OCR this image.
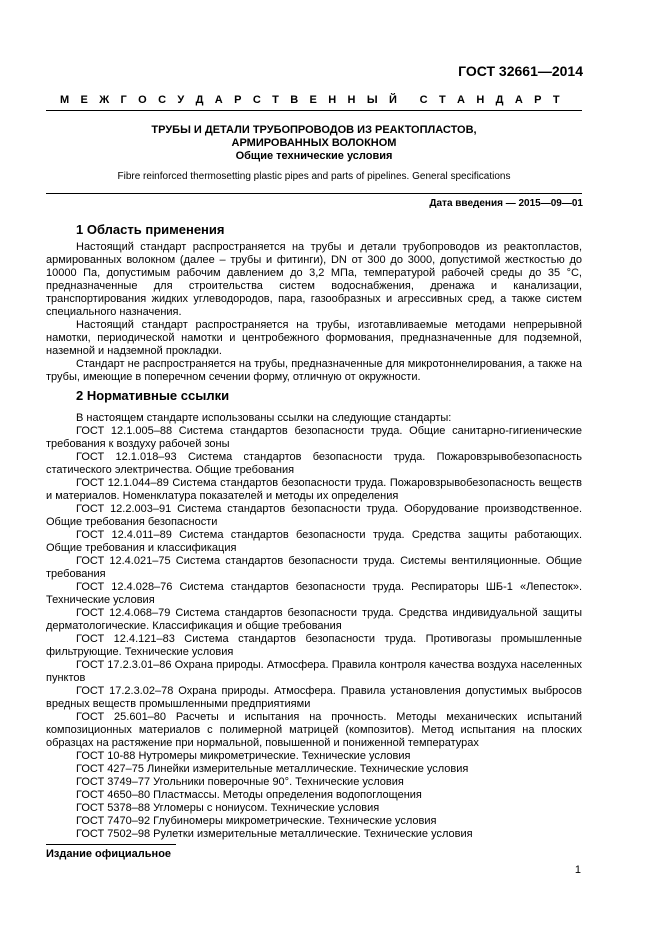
ГОСТ 32661—2014
М Е Ж Г О С У Д А Р С Т В Е Н Н Ы Й С Т А Н Д А Р Т
ТРУБЫ И ДЕТАЛИ ТРУБОПРОВОДОВ ИЗ РЕАКТОПЛАСТОВ,
АРМИРОВАННЫХ ВОЛОКНОМ
Общие технические условия
Fibre reinforced thermosetting plastic pipes and parts of pipelines. General specifications
Дата введения — 2015—09—01
1 Область применения

Настоящий стандарт распространяется на трубы и детали трубопроводов из реактопластов, армированных волокном (далее – трубы и фитинги), DN от 300 до 3000, допустимой жесткостью до 10000 Па, допустимым рабочим давлением до 3,2 МПа, температурой рабочей среды до 35 °С, предназначенные для строительства систем водоснабжения, дренажа и канализации, транспортирования жидких углеводородов, пара, газообразных и агрессивных сред, а также систем специального назначения.

Настоящий стандарт распространяется на трубы, изготавливаемые методами непрерывной намотки, периодической намотки и центробежного формования, предназначенные для подземной, наземной и надземной прокладки.

Стандарт не распространяется на трубы, предназначенные для микротоннелирования, а также на трубы, имеющие в поперечном сечении форму, отличную от окружности.

2 Нормативные ссылки

В настоящем стандарте использованы ссылки на следующие стандарты:

ГОСТ 12.1.005–88 Система стандартов безопасности труда. Общие санитарно-гигиенические требования к воздуху рабочей зоны

ГОСТ 12.1.018–93 Система стандартов безопасности труда. Пожаровзрывобезопасность статического электричества. Общие требования

ГОСТ 12.1.044–89 Система стандартов безопасности труда. Пожаровзрывобезопасность веществ и материалов. Номенклатура показателей и методы их определения

ГОСТ 12.2.003–91 Система стандартов безопасности труда. Оборудование производственное. Общие требования безопасности

ГОСТ 12.4.011–89 Система стандартов безопасности труда. Средства защиты работающих. Общие требования и классификация

ГОСТ 12.4.021–75 Система стандартов безопасности труда. Системы вентиляционные. Общие требования

ГОСТ 12.4.028–76 Система стандартов безопасности труда. Респираторы ШБ-1 «Лепесток». Технические условия

ГОСТ 12.4.068–79 Система стандартов безопасности труда. Средства индивидуальной защиты дерматологические. Классификация и общие требования

ГОСТ 12.4.121–83 Система стандартов безопасности труда. Противогазы промышленные фильтрующие. Технические условия

ГОСТ 17.2.3.01–86 Охрана природы. Атмосфера. Правила контроля качества воздуха населенных пунктов

ГОСТ 17.2.3.02–78 Охрана природы. Атмосфера. Правила установления допустимых выбросов вредных веществ промышленными предприятиями

ГОСТ 25.601–80 Расчеты и испытания на прочность. Методы механических испытаний композиционных материалов с полимерной матрицей (композитов). Метод испытания на плоских образцах на растяжение при нормальной, повышенной и пониженной температурах

ГОСТ 10-88 Нутромеры микрометрические. Технические условия

ГОСТ 427–75 Линейки измерительные металлические. Технические условия

ГОСТ 3749–77 Угольники поверочные 90°. Технические условия

ГОСТ 4650–80 Пластмассы. Методы определения водопоглощения

ГОСТ 5378–88 Угломеры с нониусом. Технические условия

ГОСТ 7470–92 Глубиномеры микрометрические. Технические условия

ГОСТ 7502–98 Рулетки измерительные металлические. Технические условия

Издание официальное
1
